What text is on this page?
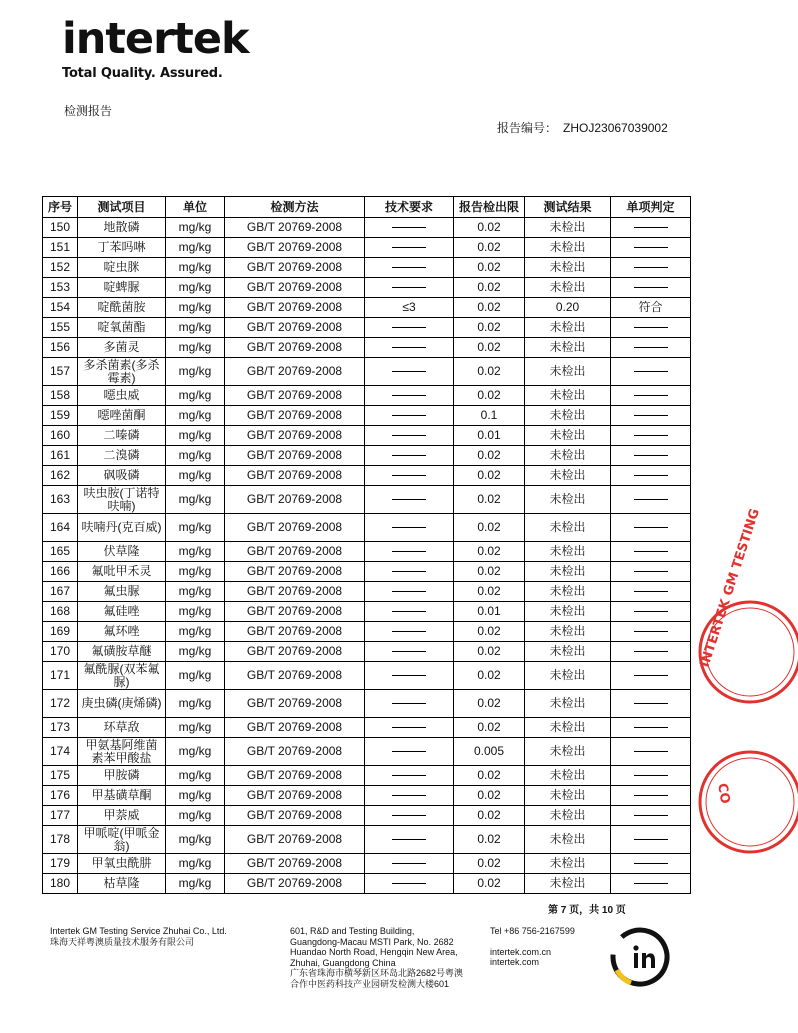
intertek
Total Quality. Assured.
检测报告
报告编号： ZHOJ23067039002
序号	测试项目	单位	检测方法	技术要求	报告检出限	测试结果	单项判定
150	地散磷	mg/kg	GB/T 20769-2008		0.02	未检出	
151	丁苯吗啉	mg/kg	GB/T 20769-2008		0.02	未检出	
152	啶虫脒	mg/kg	GB/T 20769-2008		0.02	未检出	
153	啶蜱脲	mg/kg	GB/T 20769-2008		0.02	未检出	
154	啶酰菌胺	mg/kg	GB/T 20769-2008	≤3	0.02	0.20	符合
155	啶氧菌酯	mg/kg	GB/T 20769-2008		0.02	未检出	
156	多菌灵	mg/kg	GB/T 20769-2008		0.02	未检出	
157	多杀菌素(多杀霉素)	mg/kg	GB/T 20769-2008		0.02	未检出	
158	噁虫威	mg/kg	GB/T 20769-2008		0.02	未检出	
159	噁唑菌酮	mg/kg	GB/T 20769-2008		0.1	未检出	
160	二嗪磷	mg/kg	GB/T 20769-2008		0.01	未检出	
161	二溴磷	mg/kg	GB/T 20769-2008		0.02	未检出	
162	砜吸磷	mg/kg	GB/T 20769-2008		0.02	未检出	
163	呋虫胺(丁诺特呋喃)	mg/kg	GB/T 20769-2008		0.02	未检出	
164	呋喃丹(克百威)	mg/kg	GB/T 20769-2008		0.02	未检出	
165	伏草隆	mg/kg	GB/T 20769-2008		0.02	未检出	
166	氟吡甲禾灵	mg/kg	GB/T 20769-2008		0.02	未检出	
167	氟虫脲	mg/kg	GB/T 20769-2008		0.02	未检出	
168	氟硅唑	mg/kg	GB/T 20769-2008		0.01	未检出	
169	氟环唑	mg/kg	GB/T 20769-2008		0.02	未检出	
170	氟磺胺草醚	mg/kg	GB/T 20769-2008		0.02	未检出	
171	氟酰脲(双苯氟脲)	mg/kg	GB/T 20769-2008		0.02	未检出	
172	庚虫磷(庚烯磷)	mg/kg	GB/T 20769-2008		0.02	未检出	
173	环草敌	mg/kg	GB/T 20769-2008		0.02	未检出	
174	甲氨基阿维菌素苯甲酸盐	mg/kg	GB/T 20769-2008		0.005	未检出	
175	甲胺磷	mg/kg	GB/T 20769-2008		0.02	未检出	
176	甲基磺草酮	mg/kg	GB/T 20769-2008		0.02	未检出	
177	甲萘威	mg/kg	GB/T 20769-2008		0.02	未检出	
178	甲哌啶(甲哌金翁)	mg/kg	GB/T 20769-2008		0.02	未检出	
179	甲氧虫酰肼	mg/kg	GB/T 20769-2008		0.02	未检出	
180	枯草隆	mg/kg	GB/T 20769-2008		0.02	未检出	
第 7 页，共 10 页
Intertek GM Testing Service Zhuhai Co., Ltd.
珠海天祥粤澳质量技术服务有限公司
601, R&D and Testing Building,
Guangdong-Macau MSTI Park, No. 2682
Huandao North Road, Hengqin New Area,
Zhuhai, Guangdong China
广东省珠海市横琴新区环岛北路2682号粤澳
合作中医药科技产业园研发检测大楼601
Tel +86 756-2167599
intertek.com.cn
intertek.com
INTERTEK GM TESTING
CO
